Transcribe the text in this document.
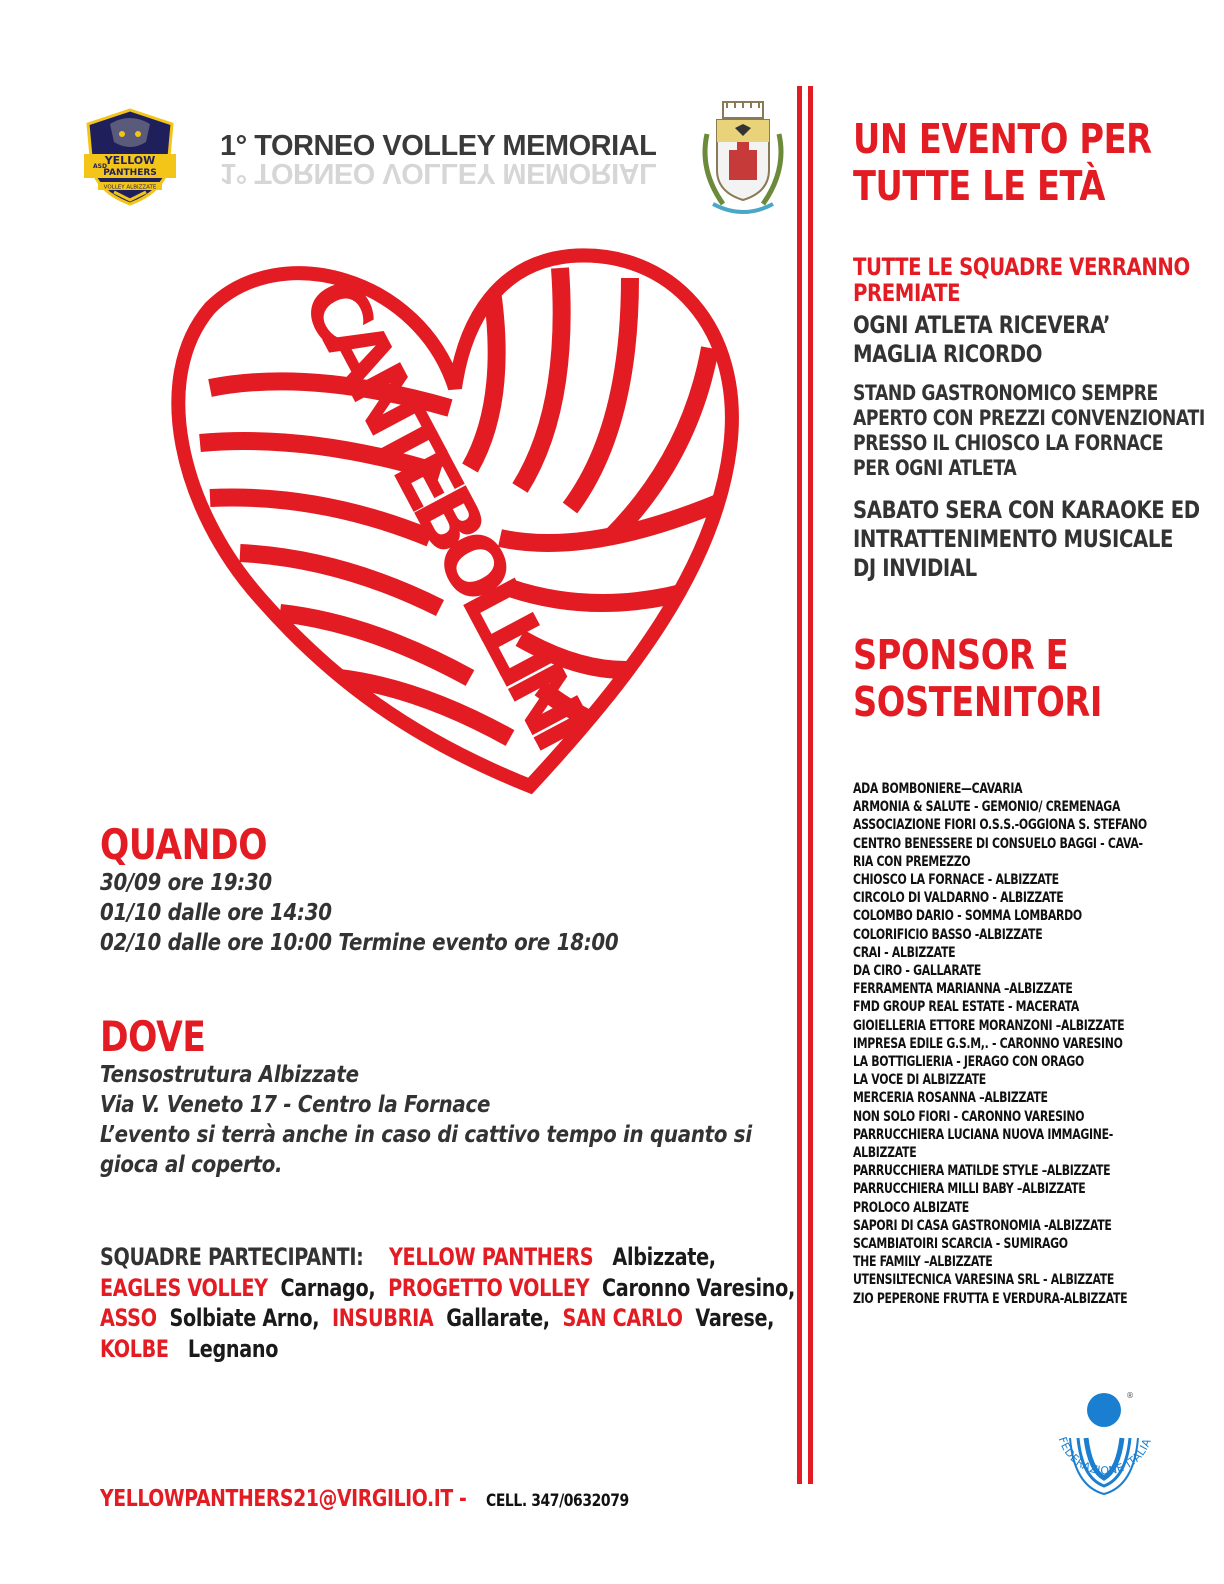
YELLOW
PANTHERS
ASD
VOLLEY ALBIZZATE
1° TORNEO VOLLEY MEMORIAL
1° TORNEO VOLLEY MEMORIAL
CANTEBOLLINI
UN EVENTO PER
TUTTE LE ETÀ
TUTTE LE SQUADRE VERRANNO
PREMIATE
OGNI ATLETA RICEVERA’
MAGLIA RICORDO
STAND GASTRONOMICO SEMPRE
APERTO CON PREZZI CONVENZIONATI
PRESSO IL CHIOSCO LA FORNACE
PER OGNI ATLETA
SABATO SERA CON KARAOKE ED
INTRATTENIMENTO MUSICALE
DJ INVIDIAL
SPONSOR E
SOSTENITORI
ADA BOMBONIERE—CAVARIA
ARMONIA & SALUTE - GEMONIO/ CREMENAGA
ASSOCIAZIONE FIORI O.S.S.-OGGIONA S. STEFANO
CENTRO BENESSERE DI CONSUELO BAGGI - CAVA-
RIA CON PREMEZZO
CHIOSCO LA FORNACE - ALBIZZATE
CIRCOLO DI VALDARNO - ALBIZZATE
COLOMBO DARIO - SOMMA LOMBARDO
COLORIFICIO BASSO -ALBIZZATE
CRAI - ALBIZZATE
DA CIRO - GALLARATE
FERRAMENTA MARIANNA –ALBIZZATE
FMD GROUP REAL ESTATE - MACERATA
GIOIELLERIA ETTORE MORANZONI –ALBIZZATE
IMPRESA EDILE G.S.M,. - CARONNO VARESINO
LA BOTTIGLIERIA - JERAGO CON ORAGO
LA VOCE DI ALBIZZATE
MERCERIA ROSANNA –ALBIZZATE
NON SOLO FIORI - CARONNO VARESINO
PARRUCCHIERA LUCIANA NUOVA IMMAGINE-
ALBIZZATE
PARRUCCHIERA MATILDE STYLE –ALBIZZATE
PARRUCCHIERA MILLI BABY –ALBIZZATE
PROLOCO ALBIZATE
SAPORI DI CASA GASTRONOMIA -ALBIZZATE
SCAMBIATOIRI SCARCIA - SUMIRAGO
THE FAMILY –ALBIZZATE
UTENSILTECNICA VARESINA SRL - ALBIZZATE
ZIO PEPERONE FRUTTA E VERDURA-ALBIZZATE
FEDERAZIONE ITALIA
®
QUANDO
30/09 ore 19:30
01/10 dalle ore 14:30
02/10 dalle ore 10:00 Termine evento ore 18:00
DOVE
Tensostrutura Albizzate
Via V. Veneto 17 - Centro la Fornace
L’evento si terrà anche in caso di cattivo tempo in quanto si
gioca al coperto.
SQUADRE PARTECIPANTI: YELLOW PANTHERS Albizzate,
EAGLES VOLLEY Carnago, PROGETTO VOLLEY Caronno Varesino,
ASSO Solbiate Arno, INSUBRIA Gallarate, SAN CARLO Varese,
KOLBE Legnano
YELLOWPANTHERS21@VIRGILIO.IT - CELL. 347/0632079
